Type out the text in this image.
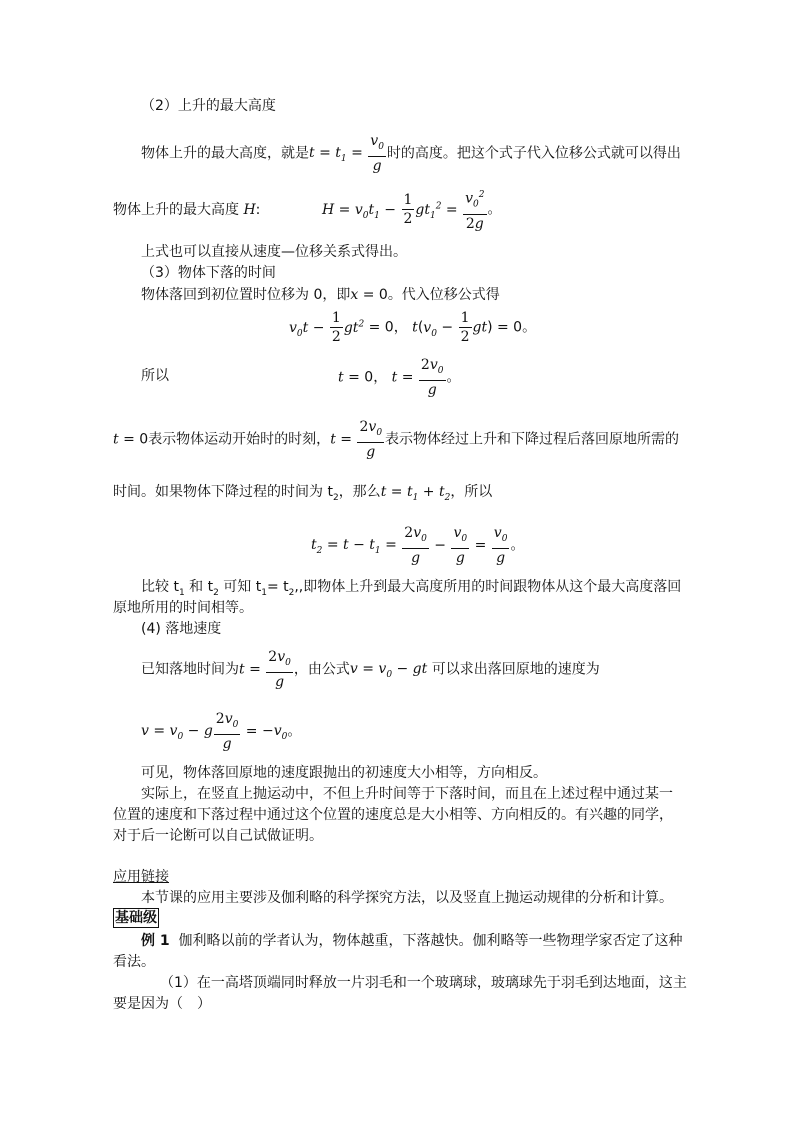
（2）上升的最大高度
物体上升的最大高度，就是$t = t_1 = \frac{v_0}{g}$ 时的高度。把这个式子代入位移公式就可以得出
物体上升的最大高度 H:	$H = v_0t_1 - \frac{1}{2} gt_1^2 = \frac{v_0^2}{2g}$ 。
上式也可以直接从速度—位移关系式得出。
（3）物体下落的时间
物体落回到初位置时位移为 0，即x = 0。代入位移公式得
$v_0t - \frac{1}{2} gt^2 = 0$， $t(v_0 - \frac{1}{2} gt) = 0$。
所以	t = 0， $t = \frac{2v_0}{g}$ 。
t = 0表示物体运动开始时的时刻，$t = \frac{2v_0}{g}$ 表示物体经过上升和下降过程后落回原地所需的
时间。如果物体下降过程的时间为 $t_2$，那么$t = t_1 + t_2$，所以
$t_2 = t - t_1 = \frac{2v_0}{g} - \frac{v_0}{g} = \frac{v_0}{g}$ 。
比较 $t_1$ 和 $t_2$ 可知 $t_1= t_2$,,即物体上升到最大高度所用的时间跟物体从这个最大高度落回
原地所用的时间相等。
(4) 落地速度
已知落地时间为$t = \frac{2v_0}{g}$ ，由公式$v = v_0$ − gt 可以求出落回原地的速度为
$v = v_0 - g \frac{2v_0}{g} = -v_0$。
可见，物体落回原地的速度跟抛出的初速度大小相等，方向相反。
实际上，在竖直上抛运动中，不但上升时间等于下落时间，而且在上述过程中通过某一
位置的速度和下落过程中通过这个位置的速度总是大小相等、方向相反的。有兴趣的同学，
对于后一论断可以自己试做证明。
应用链接
本节课的应用主要涉及伽利略的科学探究方法，以及竖直上抛运动规律的分析和计算。
基础级
例 1 伽利略以前的学者认为，物体越重，下落越快。伽利略等一些物理学家否定了这种
看法。
（1）在一高塔顶端同时释放一片羽毛和一个玻璃球，玻璃球先于羽毛到达地面，这主
要是因为（　）
